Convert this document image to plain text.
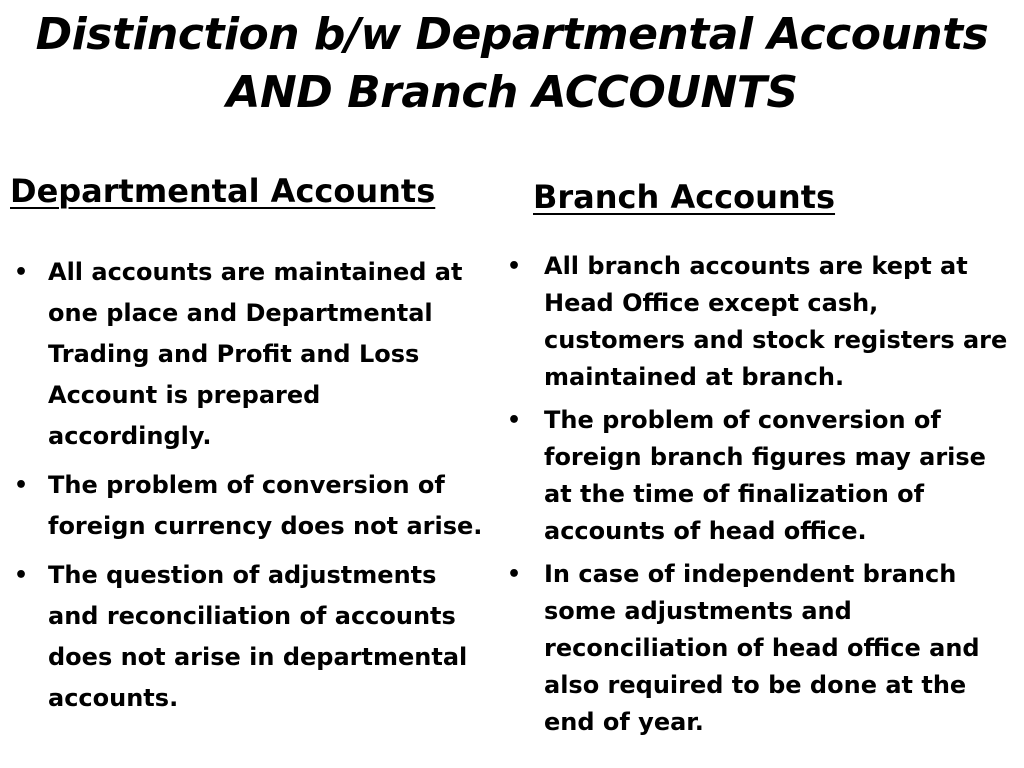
Distinction b/w Departmental Accounts
AND Branch ACCOUNTS
Departmental Accounts	Branch Accounts
• All accounts are maintained at one place and Departmental Trading and Profit and Loss Account is prepared accordingly.
• The problem of conversion of foreign currency does not arise.
• The question of adjustments and reconciliation of accounts does not arise in departmental accounts.
• All branch accounts are kept at Head Office except cash, customers and stock registers are maintained at branch.
• The problem of conversion of foreign branch figures may arise at the time of finalization of accounts of head office.
• In case of independent branch some adjustments and reconciliation of head office and also required to be done at the end of year.
